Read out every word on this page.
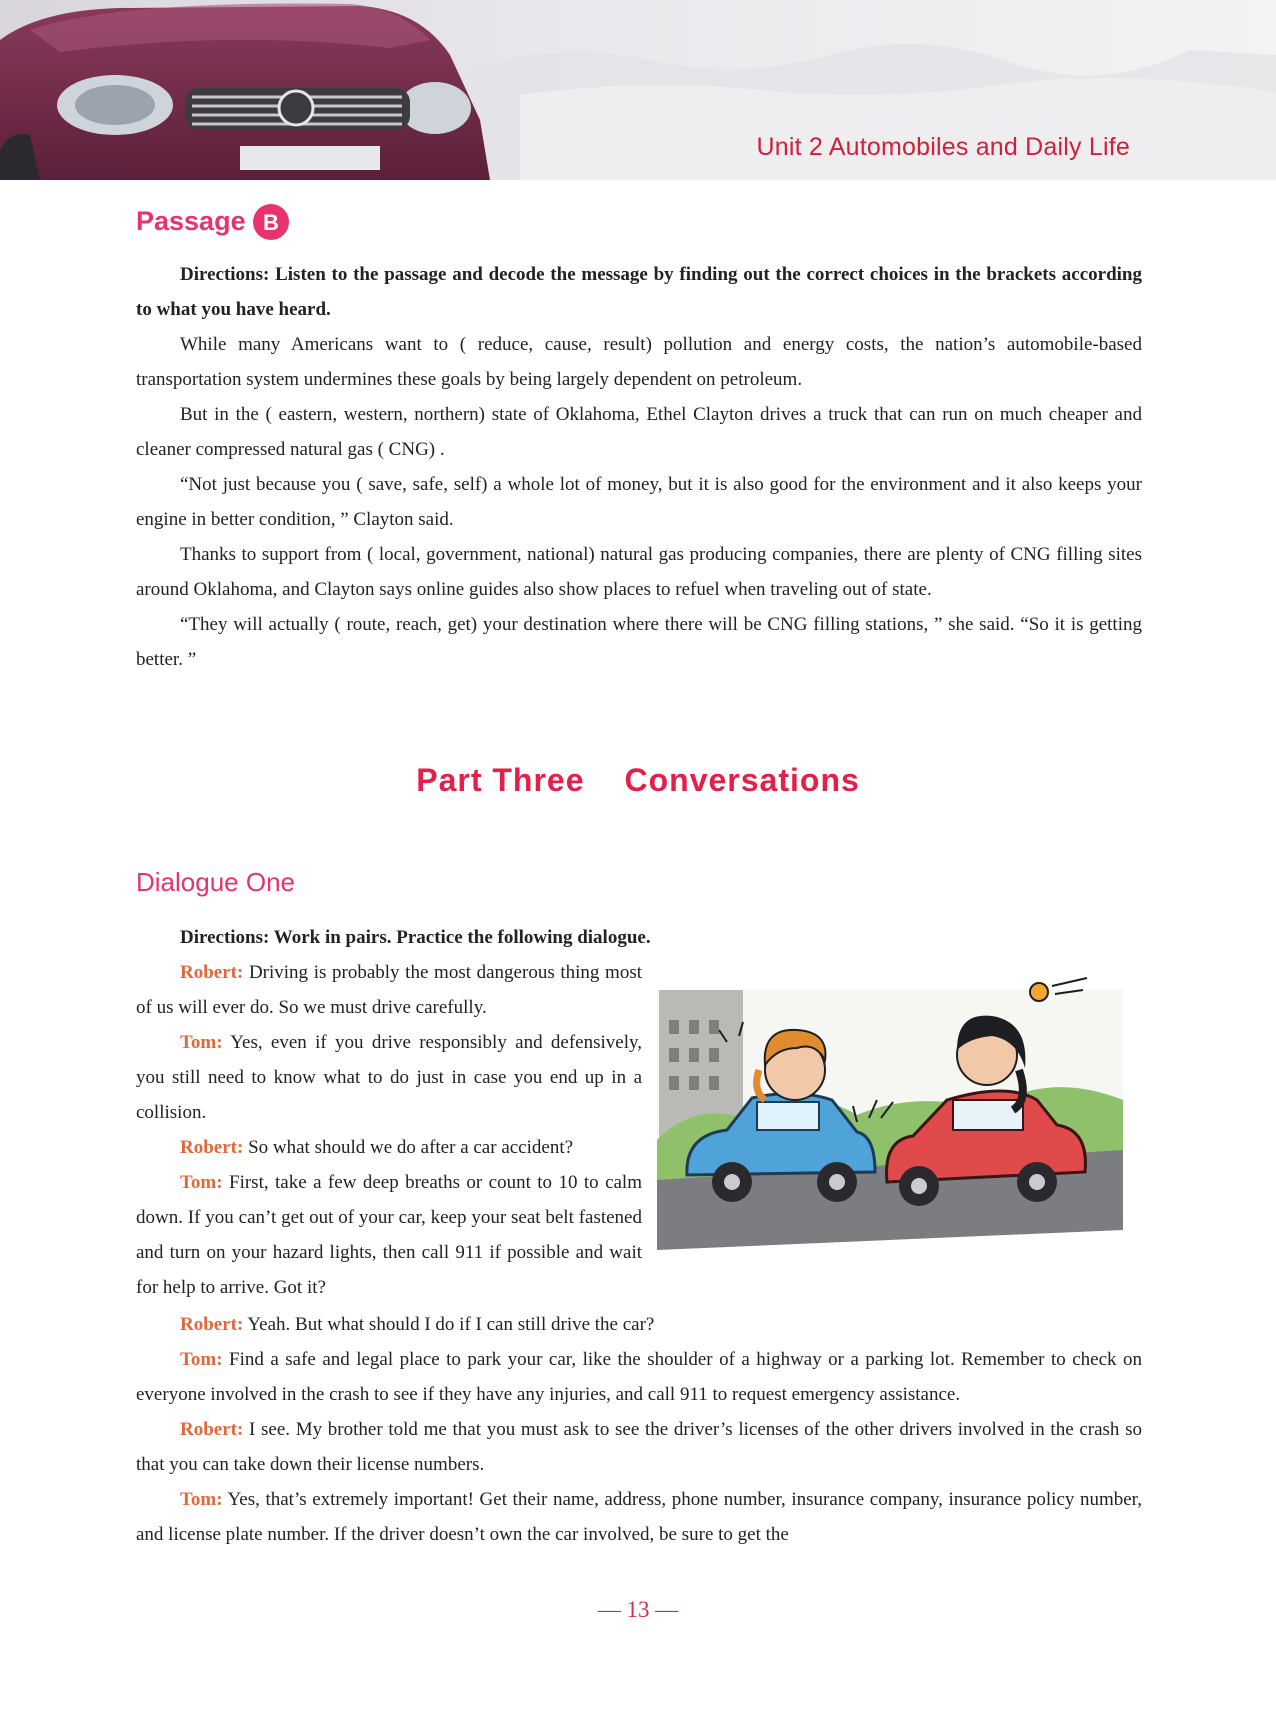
Unit 2 Automobiles and Daily Life
Passage B

Directions: Listen to the passage and decode the message by finding out the correct choices in the brackets according to what you have heard.

While many Americans want to ( reduce, cause, result) pollution and energy costs, the nation’s automobile-based transportation system undermines these goals by being largely dependent on petroleum.

But in the ( eastern, western, northern) state of Oklahoma, Ethel Clayton drives a truck that can run on much cheaper and cleaner compressed natural gas ( CNG) .

“Not just because you ( save, safe, self) a whole lot of money, but it is also good for the environment and it also keeps your engine in better condition, ” Clayton said.

Thanks to support from ( local, government, national) natural gas producing companies, there are plenty of CNG filling sites around Oklahoma, and Clayton says online guides also show places to refuel when traveling out of state.

“They will actually ( route, reach, get) your destination where there will be CNG filling stations, ” she said. “So it is getting better. ”

Part Three Conversations
Dialogue One

Directions: Work in pairs. Practice the following dialogue.

Robert: Driving is probably the most dangerous thing most of us will ever do. So we must drive carefully.

Tom: Yes, even if you drive responsibly and defensively, you still need to know what to do just in case you end up in a collision.

Robert: So what should we do after a car accident?

Tom: First, take a few deep breaths or count to 10 to calm down. If you can’t get out of your car, keep your seat belt fastened and turn on your hazard lights, then call 911 if possible and wait for help to arrive. Got it?

Robert: Yeah. But what should I do if I can still drive the car?

Tom: Find a safe and legal place to park your car, like the shoulder of a highway or a parking lot. Remember to check on everyone involved in the crash to see if they have any injuries, and call 911 to request emergency assistance.

Robert: I see. My brother told me that you must ask to see the driver’s licenses of the other drivers involved in the crash so that you can take down their license numbers.

Tom: Yes, that’s extremely important! Get their name, address, phone number, insurance company, insurance policy number, and license plate number. If the driver doesn’t own the car involved, be sure to get the

— 13 —
